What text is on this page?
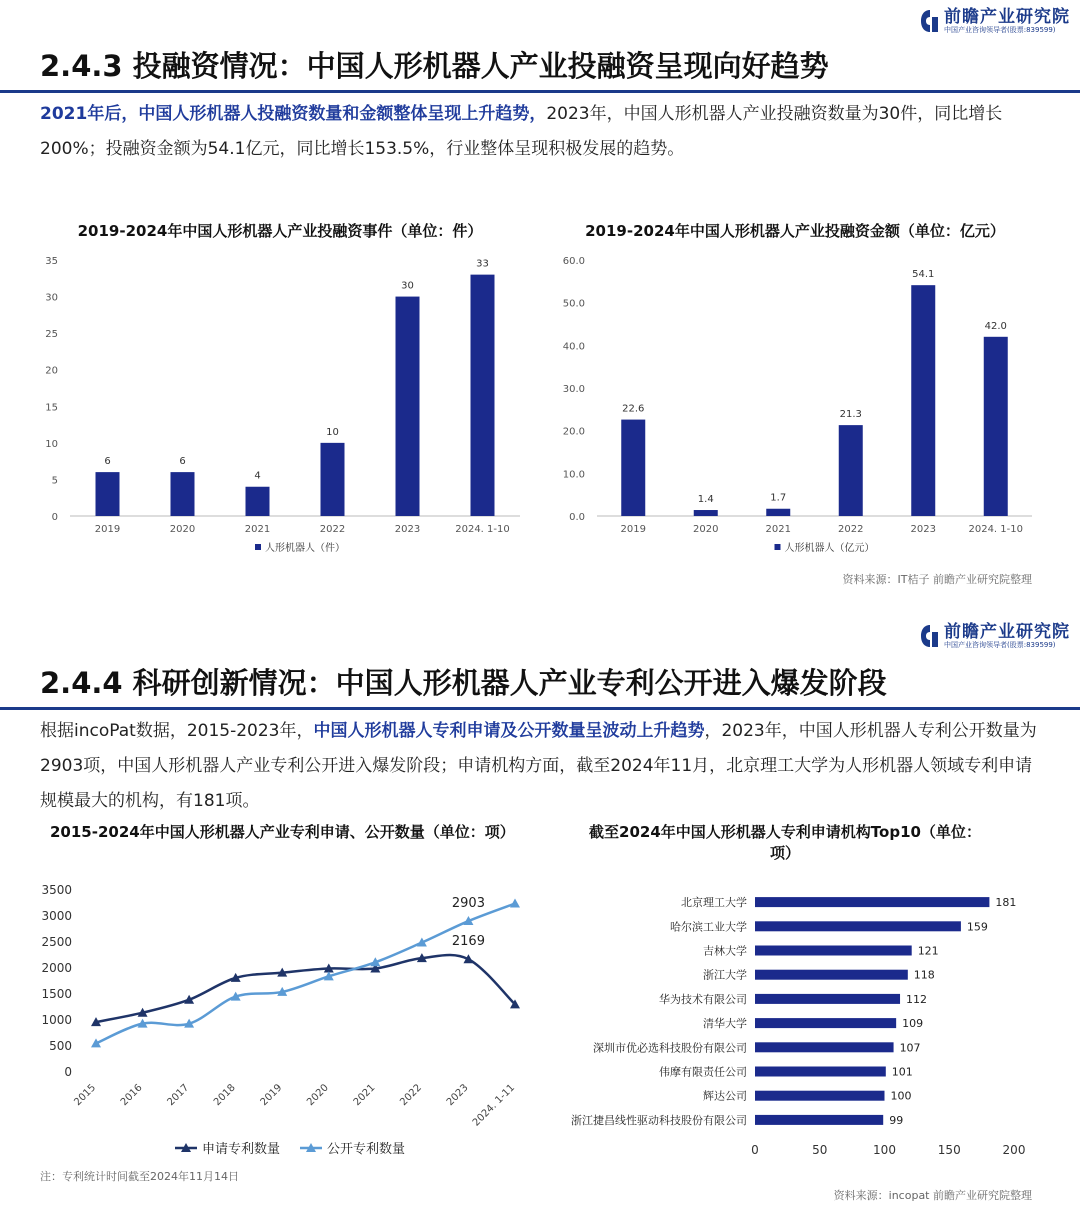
前瞻产业研究院
中国产业咨询领导者(股票:839599)
2.4.3 投融资情况：中国人形机器人产业投融资呈现向好趋势
2021年后，中国人形机器人投融资数量和金额整体呈现上升趋势，2023年，中国人形机器人产业投融资数量为30件，同比增长200%；投融资金额为54.1亿元，同比增长153.5%，行业整体呈现积极发展的趋势。
2019-2024年中国人形机器人产业投融资事件（单位：件）
0
5
10
15
20
25
30
35
6
2019
6
2020
4
2021
10
2022
30
2023
33
2024. 1-10
人形机器人（件）
2019-2024年中国人形机器人产业投融资金额（单位：亿元）
0.0
10.0
20.0
30.0
40.0
50.0
60.0
22.6
2019
1.4
2020
1.7
2021
21.3
2022
54.1
2023
42.0
2024. 1-10
人形机器人（亿元）
资料来源：IT桔子 前瞻产业研究院整理
前瞻产业研究院
中国产业咨询领导者(股票:839599)
2.4.4 科研创新情况：中国人形机器人产业专利公开进入爆发阶段
根据incoPat数据，2015-2023年，中国人形机器人专利申请及公开数量呈波动上升趋势，2023年，中国人形机器人专利公开数量为2903项，中国人形机器人产业专利公开进入爆发阶段；申请机构方面，截至2024年11月，北京理工大学为人形机器人领域专利申请规模最大的机构，有181项。
2015-2024年中国人形机器人产业专利申请、公开数量（单位：项）
0
500
1000
1500
2000
2500
3000
3500
2015 2016 2017 2018 2019 2020 2021 2022 2023 2024. 1-11
2903
2169
申请专利数量	公开专利数量
截至2024年中国人形机器人专利申请机构Top10（单位：项）
北京理工大学	181
哈尔滨工业大学	159
吉林大学	121
浙江大学	118
华为技术有限公司	112
清华大学	109
深圳市优必选科技股份有限公司	107
伟摩有限责任公司	101
辉达公司	100
浙江捷昌线性驱动科技股份有限公司	99
0	50	100	150	200
注：专利统计时间截至2024年11月14日
资料来源：incopat 前瞻产业研究院整理
